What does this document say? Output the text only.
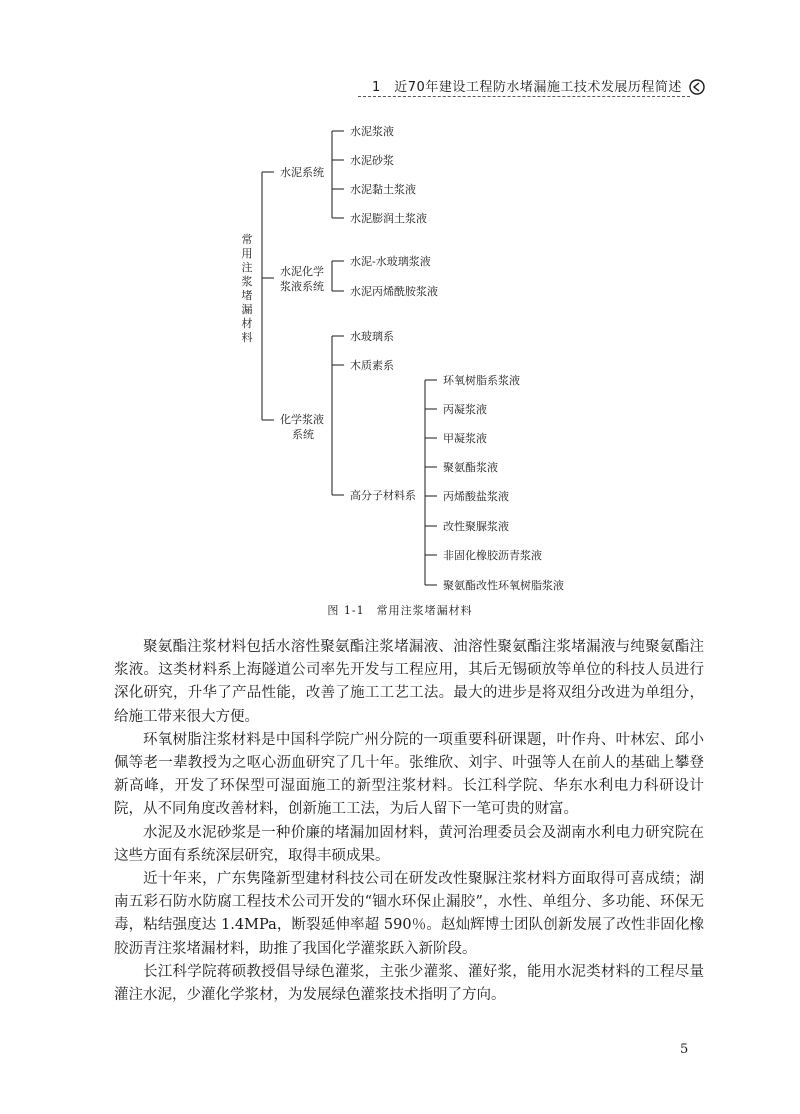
1　近70年建设工程防水堵漏施工技术发展历程简述
常用注浆堵漏材料
水泥系统
水泥化学
浆液系统
化学浆液
系统
水泥浆液
水泥砂浆
水泥黏土浆液
水泥膨润土浆液
水泥-水玻璃浆液
水泥丙烯酰胺浆液
水玻璃系
木质素系
高分子材料系
环氧树脂系浆液
丙凝浆液
甲凝浆液
聚氨酯浆液
丙烯酸盐浆液
改性聚脲浆液
非固化橡胶沥青浆液
聚氨酯改性环氧树脂浆液
图 1-1　常用注浆堵漏材料

聚氨酯注浆材料包括水溶性聚氨酯注浆堵漏液、油溶性聚氨酯注浆堵漏液与纯聚氨酯注浆液。这类材料系上海隧道公司率先开发与工程应用，其后无锡硕放等单位的科技人员进行深化研究，升华了产品性能，改善了施工工艺工法。最大的进步是将双组分改进为单组分，给施工带来很大方便。

环氧树脂注浆材料是中国科学院广州分院的一项重要科研课题，叶作舟、叶林宏、邱小佩等老一辈教授为之呕心沥血研究了几十年。张维欣、刘宇、叶强等人在前人的基础上攀登新高峰，开发了环保型可湿面施工的新型注浆材料。长江科学院、华东水利电力科研设计院，从不同角度改善材料，创新施工工法，为后人留下一笔可贵的财富。

水泥及水泥砂浆是一种价廉的堵漏加固材料，黄河治理委员会及湖南水利电力研究院在这些方面有系统深层研究，取得丰硕成果。

近十年来，广东隽隆新型建材科技公司在研发改性聚脲注浆材料方面取得可喜成绩；湖南五彩石防水防腐工程技术公司开发的“锢水环保止漏胶”，水性、单组分、多功能、环保无毒，粘结强度达 1.4MPa，断裂延伸率超 590％。赵灿辉博士团队创新发展了改性非固化橡胶沥青注浆堵漏材料，助推了我国化学灌浆跃入新阶段。

长江科学院蒋硕教授倡导绿色灌浆，主张少灌浆、灌好浆，能用水泥类材料的工程尽量灌注水泥，少灌化学浆材，为发展绿色灌浆技术指明了方向。

5
